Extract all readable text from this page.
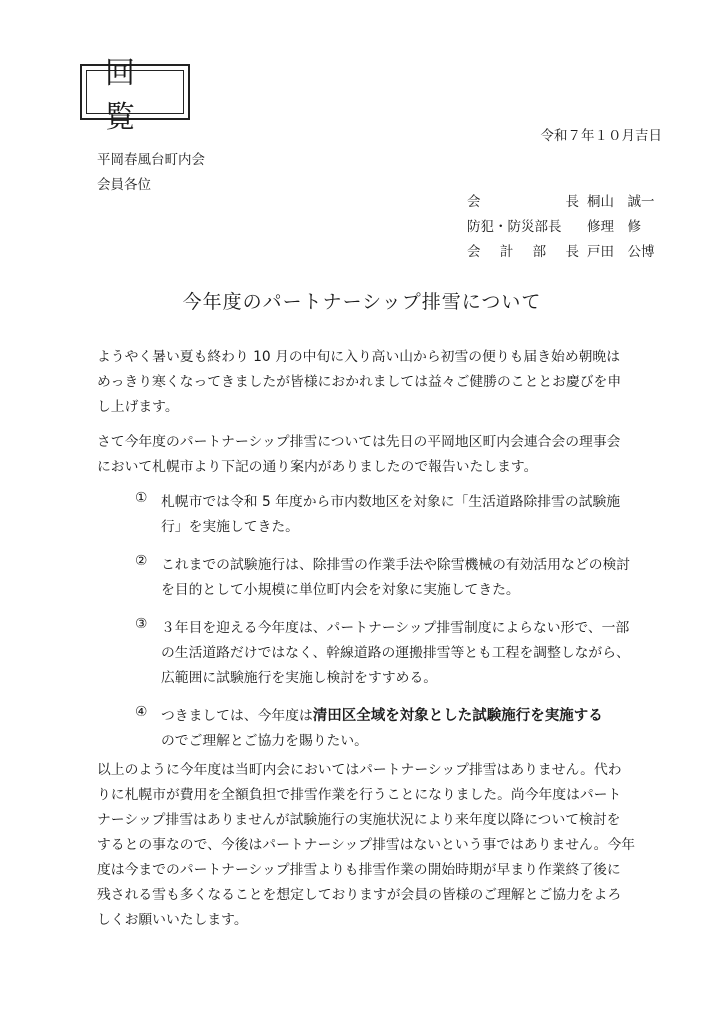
回 覧
令和７年１０月吉日
平岡春風台町内会
会員各位
会	長 桐山　誠一
防犯・防災部長	修理　修
会 計 部 長 戸田　公博
今年度のパートナーシップ排雪について
ようやく暑い夏も終わり 10 月の中旬に入り高い山から初雪の便りも届き始め朝晩は
めっきり寒くなってきましたが皆様におかれましては益々ご健勝のこととお慶びを申
し上げます。
さて今年度のパートナーシップ排雪については先日の平岡地区町内会連合会の理事会
において札幌市より下記の通り案内がありましたので報告いたします。
① 札幌市では令和 5 年度から市内数地区を対象に「生活道路除排雪の試験施
行」を実施してきた。
② これまでの試験施行は、除排雪の作業手法や除雪機械の有効活用などの検討
を目的として小規模に単位町内会を対象に実施してきた。
③ ３年目を迎える今年度は、パートナーシップ排雪制度によらない形で、一部
の生活道路だけではなく、幹線道路の運搬排雪等とも工程を調整しながら、
広範囲に試験施行を実施し検討をすすめる。
④ つきましては、今年度は清田区全域を対象とした試験施行を実施する
のでご理解とご協力を賜りたい。
以上のように今年度は当町内会においてはパートナーシップ排雪はありません。代わ
りに札幌市が費用を全額負担で排雪作業を行うことになりました。尚今年度はパート
ナーシップ排雪はありませんが試験施行の実施状況により来年度以降について検討を
するとの事なので、今後はパートナーシップ排雪はないという事ではありません。今年
度は今までのパートナーシップ排雪よりも排雪作業の開始時期が早まり作業終了後に
残される雪も多くなることを想定しておりますが会員の皆様のご理解とご協力をよろ
しくお願いいたします。
